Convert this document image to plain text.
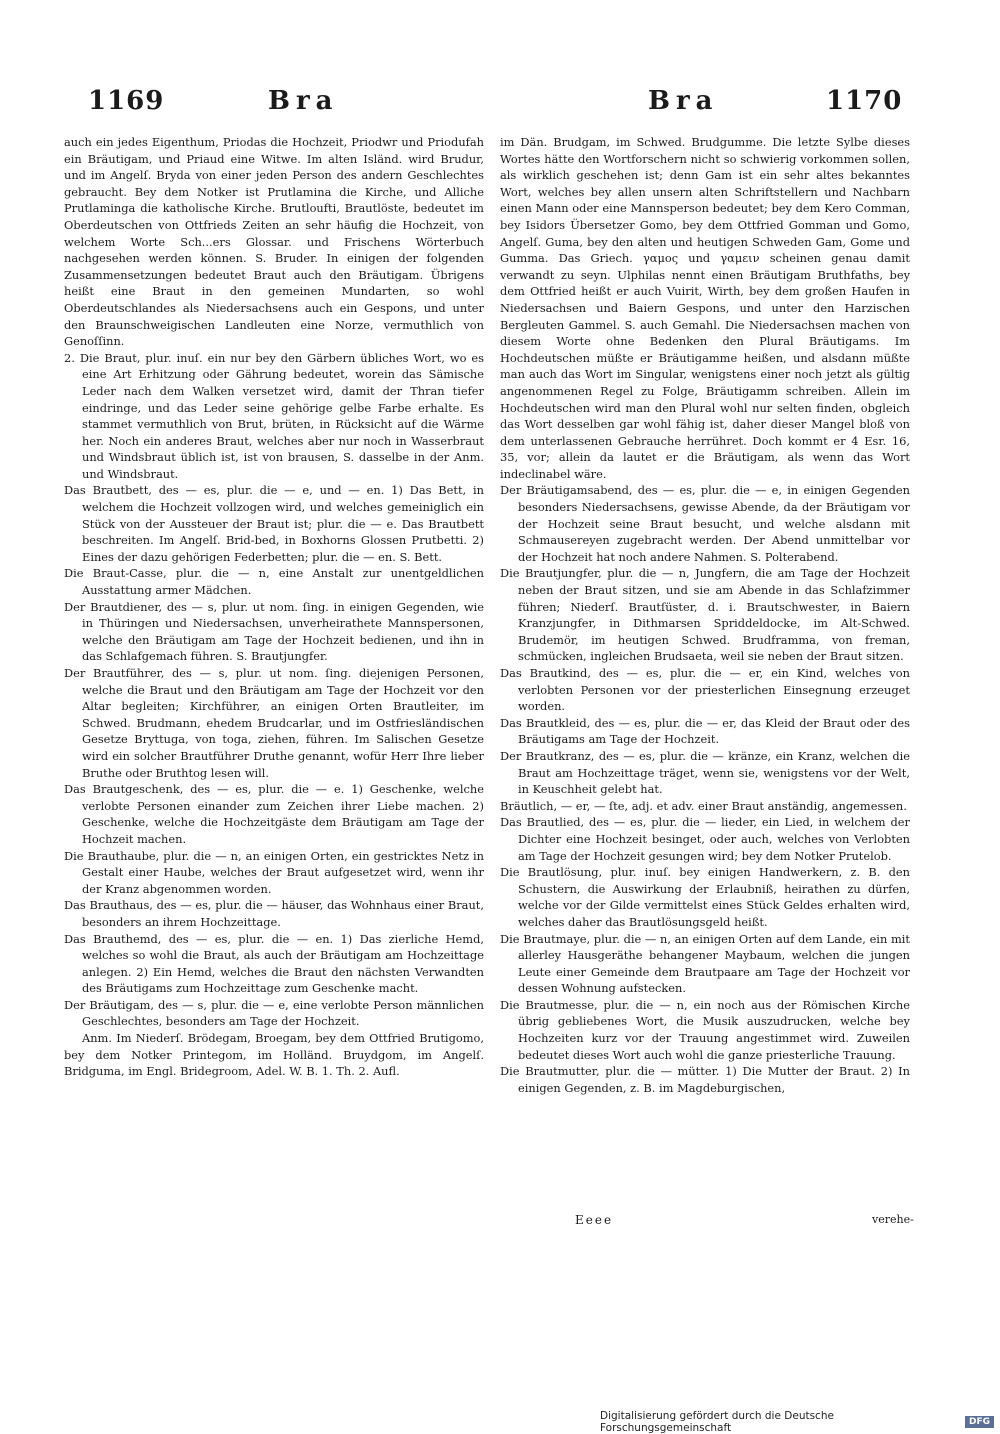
1169	Bra	Bra	1170

auch ein jedes Eigenthum, Priodas die Hochzeit, Priodwr und Priodufah ein Bräutigam, und Priaud eine Witwe. Im alten Isländ. wird Brudur, und im Angelſ. Bryda von einer jeden Person des andern Geschlechtes gebraucht. Bey dem Notker ist Prutlamina die Kirche, und Alliche Prutlaminga die katholische Kirche. Brutloufti, Brautlöste, bedeutet im Oberdeutschen von Ottfrieds Zeiten an sehr häufig die Hochzeit, von welchem Worte Sch...ers Glossar. und Frischens Wörterbuch nachgesehen werden können. S. Bruder. In einigen der folgenden Zusammensetzungen bedeutet Braut auch den Bräutigam. Übrigens heißt eine Braut in den gemeinen Mundarten, so wohl Oberdeutschlandes als Niedersachsens auch ein Gespons, und unter den Braunschweigischen Landleuten eine Norze, vermuthlich von Genoſſinn.

2. Die Braut, plur. inuſ. ein nur bey den Gärbern übliches Wort, wo es eine Art Erhitzung oder Gährung bedeutet, worein das Sämische Leder nach dem Walken versetzet wird, damit der Thran tiefer eindringe, und das Leder seine gehörige gelbe Farbe erhalte. Es stammet vermuthlich von Brut, brüten, in Rücksicht auf die Wärme her. Noch ein anderes Braut, welches aber nur noch in Wasserbraut und Windsbraut üblich ist, ist von brausen, S. dasselbe in der Anm. und Windsbraut.

Das Brautbett, des — es, plur. die — e, und — en. 1) Das Bett, in welchem die Hochzeit vollzogen wird, und welches gemeiniglich ein Stück von der Aussteuer der Braut ist; plur. die — e. Das Brautbett beschreiten. Im Angelſ. Brid-bed, in Boxhorns Glossen Prutbetti. 2) Eines der dazu gehörigen Federbetten; plur. die — en. S. Bett.

Die Braut-Casse, plur. die — n, eine Anstalt zur unentgeldlichen Ausstattung armer Mädchen.

Der Brautdiener, des — s, plur. ut nom. ſing. in einigen Gegenden, wie in Thüringen und Niedersachsen, unverheirathete Mannspersonen, welche den Bräutigam am Tage der Hochzeit bedienen, und ihn in das Schlafgemach führen. S. Brautjungfer.

Der Brautführer, des — s, plur. ut nom. ſing. diejenigen Personen, welche die Braut und den Bräutigam am Tage der Hochzeit vor den Altar begleiten; Kirchführer, an einigen Orten Brautleiter, im Schwed. Brudmann, ehedem Brudcarlar, und im Ostfriesländischen Gesetze Bryttuga, von toga, ziehen, führen. Im Salischen Gesetze wird ein solcher Brautführer Druthe genannt, wofür Herr Ihre lieber Bruthe oder Bruthtog lesen will.

Das Brautgeschenk, des — es, plur. die — e. 1) Geschenke, welche verlobte Personen einander zum Zeichen ihrer Liebe machen. 2) Geschenke, welche die Hochzeitgäste dem Bräutigam am Tage der Hochzeit machen.

Die Brauthaube, plur. die — n, an einigen Orten, ein gestricktes Netz in Gestalt einer Haube, welches der Braut aufgesetzet wird, wenn ihr der Kranz abgenommen worden.

Das Brauthaus, des — es, plur. die — häuser, das Wohnhaus einer Braut, besonders an ihrem Hochzeittage.

Das Brauthemd, des — es, plur. die — en. 1) Das zierliche Hemd, welches so wohl die Braut, als auch der Bräutigam am Hochzeittage anlegen. 2) Ein Hemd, welches die Braut den nächsten Verwandten des Bräutigams zum Hochzeittage zum Geschenke macht.

Der Bräutigam, des — s, plur. die — e, eine verlobte Person männlichen Geschlechtes, besonders am Tage der Hochzeit.

Anm. Im Niederſ. Brödegam, Broegam, bey dem Ottfried Brutigomo, bey dem Notker Printegom, im Holländ. Bruydgom, im Angelſ. Bridguma, im Engl. Bridegroom, Adel. W. B. 1. Th. 2. Aufl.

im Dän. Brudgam, im Schwed. Brudgumme. Die letzte Sylbe dieses Wortes hätte den Wortforschern nicht so schwierig vorkommen sollen, als wirklich geschehen ist; denn Gam ist ein sehr altes bekanntes Wort, welches bey allen unsern alten Schriftstellern und Nachbarn einen Mann oder eine Mannsperson bedeutet; bey dem Kero Comman, bey Isidors Übersetzer Gomo, bey dem Ottfried Gomman und Gomo, Angelſ. Guma, bey den alten und heutigen Schweden Gam, Gome und Gumma. Das Griech. γαμος und γαμειν scheinen genau damit verwandt zu seyn. Ulphilas nennt einen Bräutigam Bruthfaths, bey dem Ottfried heißt er auch Vuirit, Wirth, bey dem großen Haufen in Niedersachsen und Baiern Gespons, und unter den Harzischen Bergleuten Gammel. S. auch Gemahl. Die Niedersachsen machen von diesem Worte ohne Bedenken den Plural Bräutigams. Im Hochdeutschen müßte er Bräutigamme heißen, und alsdann müßte man auch das Wort im Singular, wenigstens einer noch jetzt als gültig angenommenen Regel zu Folge, Bräutigamm schreiben. Allein im Hochdeutschen wird man den Plural wohl nur selten finden, obgleich das Wort desselben gar wohl fähig ist, daher dieser Mangel bloß von dem unterlassenen Gebrauche herrühret. Doch kommt er 4 Esr. 16, 35, vor; allein da lautet er die Bräutigam, als wenn das Wort indeclinabel wäre.

Der Bräutigamsabend, des — es, plur. die — e, in einigen Gegenden besonders Niedersachsens, gewisse Abende, da der Bräutigam vor der Hochzeit seine Braut besucht, und welche alsdann mit Schmausereyen zugebracht werden. Der Abend unmittelbar vor der Hochzeit hat noch andere Nahmen. S. Polterabend.

Die Brautjungfer, plur. die — n, Jungfern, die am Tage der Hochzeit neben der Braut sitzen, und sie am Abende in das Schlafzimmer führen; Niederſ. Brautſüster, d. i. Brautschwester, in Baiern Kranzjungfer, in Dithmarsen Spriddeldocke, im Alt-Schwed. Brudemör, im heutigen Schwed. Brudframma, von freman, schmücken, ingleichen Brudsaeta, weil sie neben der Braut sitzen.

Das Brautkind, des — es, plur. die — er, ein Kind, welches von verlobten Personen vor der priesterlichen Einsegnung erzeuget worden.

Das Brautkleid, des — es, plur. die — er, das Kleid der Braut oder des Bräutigams am Tage der Hochzeit.

Der Brautkranz, des — es, plur. die — kränze, ein Kranz, welchen die Braut am Hochzeittage träget, wenn sie, wenigstens vor der Welt, in Keuschheit gelebt hat.

Bräutlich, — er, — ſte, adj. et adv. einer Braut anständig, angemessen.

Das Brautlied, des — es, plur. die — lieder, ein Lied, in welchem der Dichter eine Hochzeit besinget, oder auch, welches von Verlobten am Tage der Hochzeit gesungen wird; bey dem Notker Prutelob.

Die Brautlösung, plur. inuſ. bey einigen Handwerkern, z. B. den Schustern, die Auswirkung der Erlaubniß, heirathen zu dürfen, welche vor der Gilde vermittelst eines Stück Geldes erhalten wird, welches daher das Brautlösungsgeld heißt.

Die Brautmaye, plur. die — n, an einigen Orten auf dem Lande, ein mit allerley Hausgeräthe behangener Maybaum, welchen die jungen Leute einer Gemeinde dem Brautpaare am Tage der Hochzeit vor dessen Wohnung aufstecken.

Die Brautmesse, plur. die — n, ein noch aus der Römischen Kirche übrig gebliebenes Wort, die Musik auszudrucken, welche bey Hochzeiten kurz vor der Trauung angestimmet wird. Zuweilen bedeutet dieses Wort auch wohl die ganze priesterliche Trauung.

Die Brautmutter, plur. die — mütter. 1) Die Mutter der Braut. 2) In einigen Gegenden, z. B. im Magdeburgischen,

Eeee	verehe-
Digitalisierung gefördert durch die Deutsche Forschungsgemeinschaft	DFG
